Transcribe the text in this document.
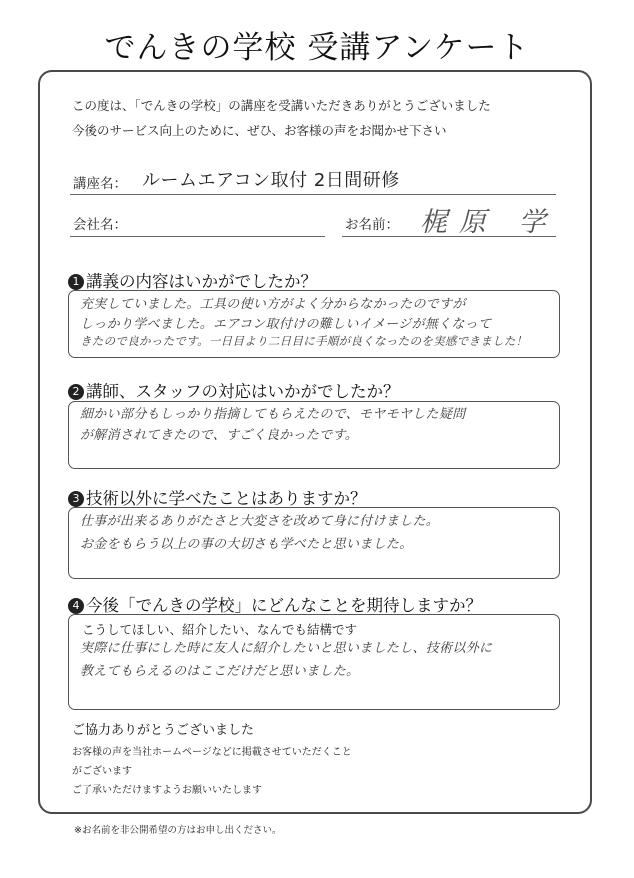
でんきの学校 受講アンケート
この度は、「でんきの学校」の講座を受講いただきありがとうございました
今後のサービス向上のために、ぜひ、お客様の声をお聞かせ下さい
講座名： ルームエアコン取付 2日間研修
会社名：	お名前： 梶原 学
1 講義の内容はいかがでしたか？
充実していました。工具の使い方がよく分からなかったのですが
しっかり学べました。エアコン取付けの難しいイメージが無くなって
きたので良かったです。一日目より二日目に手順が良くなったのを実感できました！
2 講師、スタッフの対応はいかがでしたか？
細かい部分もしっかり指摘してもらえたので、モヤモヤした疑問
が解消されてきたので、すごく良かったです。
3 技術以外に学べたことはありますか？
仕事が出来るありがたさと大変さを改めて身に付けました。
お金をもらう以上の事の大切さも学べたと思いました。
4 今後「でんきの学校」にどんなことを期待しますか？
こうしてほしい、紹介したい、なんでも結構です
実際に仕事にした時に友人に紹介したいと思いましたし、技術以外に
教えてもらえるのはここだけだと思いました。
ご協力ありがとうございました
お客様の声を当社ホームページなどに掲載させていただくこと
がございます
ご了承いただけますようお願いいたします
※お名前を非公開希望の方はお申し出ください。
